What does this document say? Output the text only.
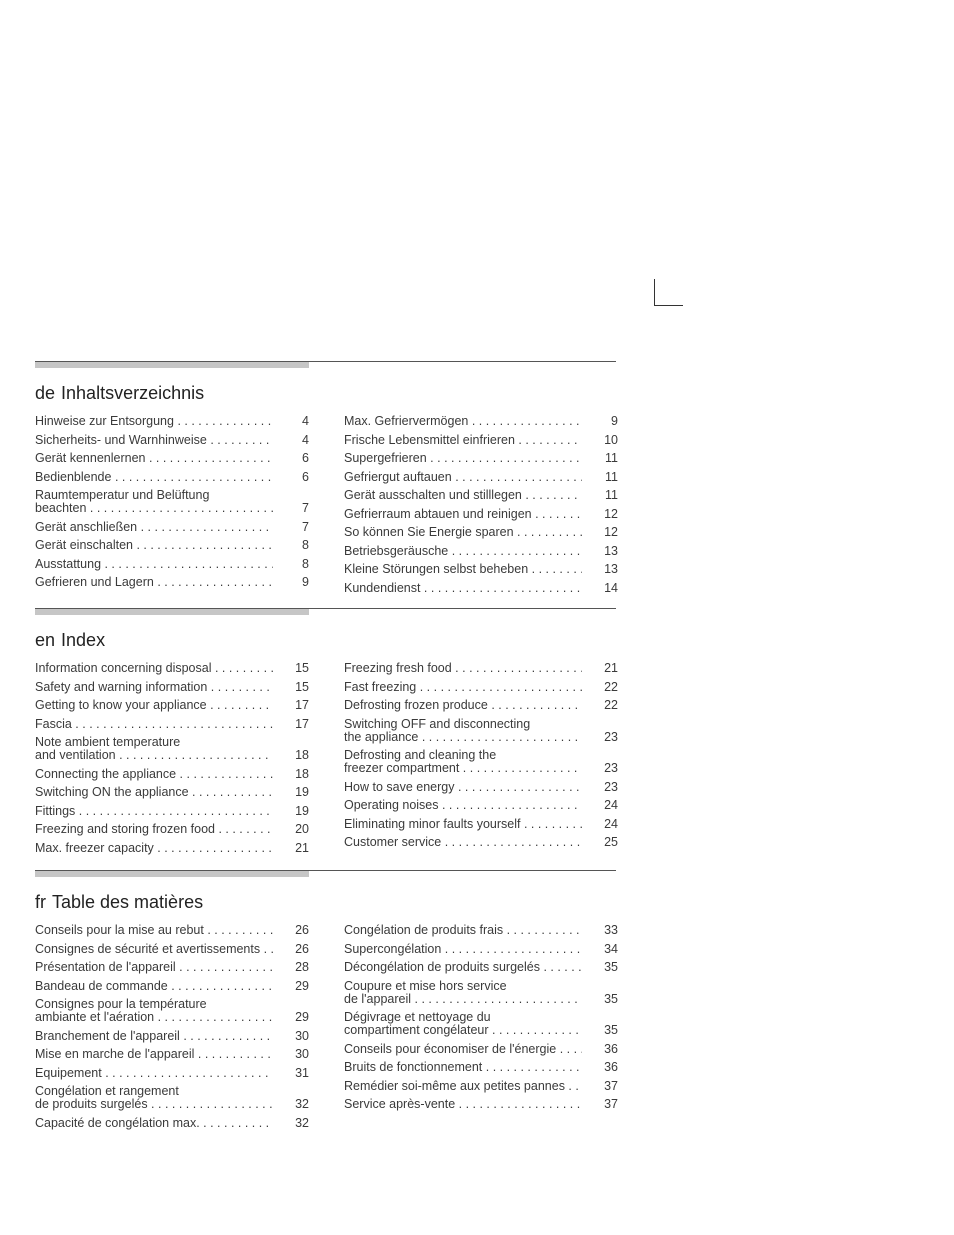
de Inhaltsverzeichnis
Hinweise zur Entsorgung . . .	4
Sicherheits- und Warnhinweise . . .	4
Gerät kennenlernen . . .	6
Bedienblende . . .	6
Raumtemperatur und Belüftung
beachten . . .	7
Gerät anschließen . . .	7
Gerät einschalten . . .	8
Ausstattung . . .	8
Gefrieren und Lagern . . .	9
Max. Gefriervermögen . . .	9
Frische Lebensmittel einfrieren . . .	10
Supergefrieren . . .	11
Gefriergut auftauen . . .	11
Gerät ausschalten und stilllegen . . .	11
Gefrierraum abtauen und reinigen . . .	12
So können Sie Energie sparen . . .	12
Betriebsgeräusche . . .	13
Kleine Störungen selbst beheben . . .	13
Kundendienst . . .	14
en Index
Information concerning disposal . . .	15
Safety and warning information . . .	15
Getting to know your appliance . . .	17
Fascia . . .	17
Note ambient temperature
and ventilation . . .	18
Connecting the appliance . . .	18
Switching ON the appliance . . .	19
Fittings . . .	19
Freezing and storing frozen food . . .	20
Max. freezer capacity . . .	21
Freezing fresh food . . .	21
Fast freezing . . .	22
Defrosting frozen produce . . .	22
Switching OFF and disconnecting
the appliance . . .	23
Defrosting and cleaning the
freezer compartment . . .	23
How to save energy . . .	23
Operating noises . . .	24
Eliminating minor faults yourself . . .	24
Customer service . . .	25
fr Table des matières
Conseils pour la mise au rebut . . .	26
Consignes de sécurité et avertissements . . .	26
Présentation de l'appareil . . .	28
Bandeau de commande . . .	29
Consignes pour la température
ambiante et l'aération . . .	29
Branchement de l'appareil . . .	30
Mise en marche de l'appareil . . .	30
Equipement . . .	31
Congélation et rangement
de produits surgelés . . .	32
Capacité de congélation max. . . .	32
Congélation de produits frais . . .	33
Supercongélation . . .	34
Décongélation de produits surgelés . . .	35
Coupure et mise hors service
de l'appareil . . .	35
Dégivrage et nettoyage du
compartiment congélateur . . .	35
Conseils pour économiser de l'énergie . . .	36
Bruits de fonctionnement . . .	36
Remédier soi-même aux petites pannes . . .	37
Service après-vente . . .	37
